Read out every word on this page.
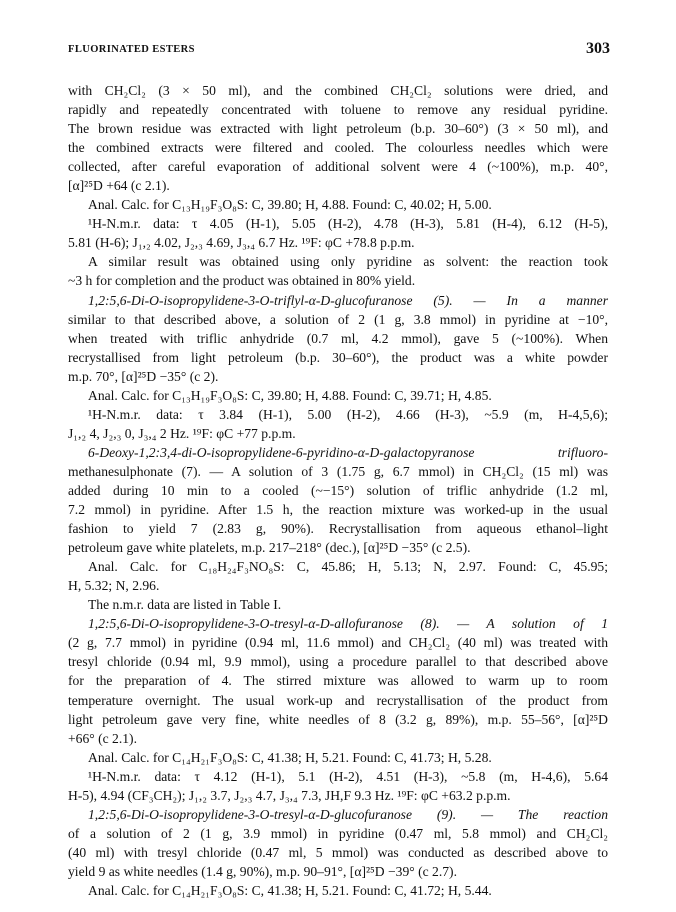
FLUORINATED ESTERS	303

with CH₂Cl₂ (3 × 50 ml), and the combined CH₂Cl₂ solutions were dried, and
rapidly and repeatedly concentrated with toluene to remove any residual pyridine.
The brown residue was extracted with light petroleum (b.p. 30–60°) (3 × 50 ml), and
the combined extracts were filtered and cooled. The colourless needles which were
collected, after careful evaporation of additional solvent were 4 (~100%), m.p. 40°,
[α]²⁵D +64 (c 2.1).

Anal. Calc. for C₁₃H₁₉F₃O₈S: C, 39.80; H, 4.88. Found: C, 40.02; H, 5.00.

¹H-N.m.r. data: τ 4.05 (H-1), 5.05 (H-2), 4.78 (H-3), 5.81 (H-4), 6.12 (H-5),
5.81 (H-6); J₁,₂ 4.02, J₂,₃ 4.69, J₃,₄ 6.7 Hz. ¹⁹F: φC +78.8 p.p.m.

A similar result was obtained using only pyridine as solvent: the reaction took
~3 h for completion and the product was obtained in 80% yield.

1,2:5,6-Di-O-isopropylidene-3-O-triflyl-α-D-glucofuranose (5). — In a manner
similar to that described above, a solution of 2 (1 g, 3.8 mmol) in pyridine at −10°,
when treated with triflic anhydride (0.7 ml, 4.2 mmol), gave 5 (~100%). When
recrystallised from light petroleum (b.p. 30–60°), the product was a white powder
m.p. 70°, [α]²⁵D −35° (c 2).

Anal. Calc. for C₁₃H₁₉F₃O₈S: C, 39.80; H, 4.88. Found: C, 39.71; H, 4.85.

¹H-N.m.r. data: τ 3.84 (H-1), 5.00 (H-2), 4.66 (H-3), ~5.9 (m, H-4,5,6);
J₁,₂ 4, J₂,₃ 0, J₃,₄ 2 Hz. ¹⁹F: φC +77 p.p.m.

6-Deoxy-1,2:3,4-di-O-isopropylidene-6-pyridino-α-D-galactopyranose trifluoro-
methanesulphonate (7). — A solution of 3 (1.75 g, 6.7 mmol) in CH₂Cl₂ (15 ml) was
added during 10 min to a cooled (~−15°) solution of triflic anhydride (1.2 ml,
7.2 mmol) in pyridine. After 1.5 h, the reaction mixture was worked-up in the usual
fashion to yield 7 (2.83 g, 90%). Recrystallisation from aqueous ethanol–light
petroleum gave white platelets, m.p. 217–218° (dec.), [α]²⁵D −35° (c 2.5).

Anal. Calc. for C₁₈H₂₄F₃NO₈S: C, 45.86; H, 5.13; N, 2.97. Found: C, 45.95;
H, 5.32; N, 2.96.

The n.m.r. data are listed in Table I.

1,2:5,6-Di-O-isopropylidene-3-O-tresyl-α-D-allofuranose (8). — A solution of 1
(2 g, 7.7 mmol) in pyridine (0.94 ml, 11.6 mmol) and CH₂Cl₂ (40 ml) was treated with
tresyl chloride (0.94 ml, 9.9 mmol), using a procedure parallel to that described above
for the preparation of 4. The stirred mixture was allowed to warm up to room
temperature overnight. The usual work-up and recrystallisation of the product from
light petroleum gave very fine, white needles of 8 (3.2 g, 89%), m.p. 55–56°, [α]²⁵D
+66° (c 2.1).

Anal. Calc. for C₁₄H₂₁F₃O₈S: C, 41.38; H, 5.21. Found: C, 41.73; H, 5.28.

¹H-N.m.r. data: τ 4.12 (H-1), 5.1 (H-2), 4.51 (H-3), ~5.8 (m, H-4,6), 5.64
H-5), 4.94 (CF₃CH₂); J₁,₂ 3.7, J₂,₃ 4.7, J₃,₄ 7.3, JH,F 9.3 Hz. ¹⁹F: φC +63.2 p.p.m.

1,2:5,6-Di-O-isopropylidene-3-O-tresyl-α-D-glucofuranose (9). — The reaction
of a solution of 2 (1 g, 3.9 mmol) in pyridine (0.47 ml, 5.8 mmol) and CH₂Cl₂
(40 ml) with tresyl chloride (0.47 ml, 5 mmol) was conducted as described above to
yield 9 as white needles (1.4 g, 90%), m.p. 90–91°, [α]²⁵D −39° (c 2.7).

Anal. Calc. for C₁₄H₂₁F₃O₈S: C, 41.38; H, 5.21. Found: C, 41.72; H, 5.44.
